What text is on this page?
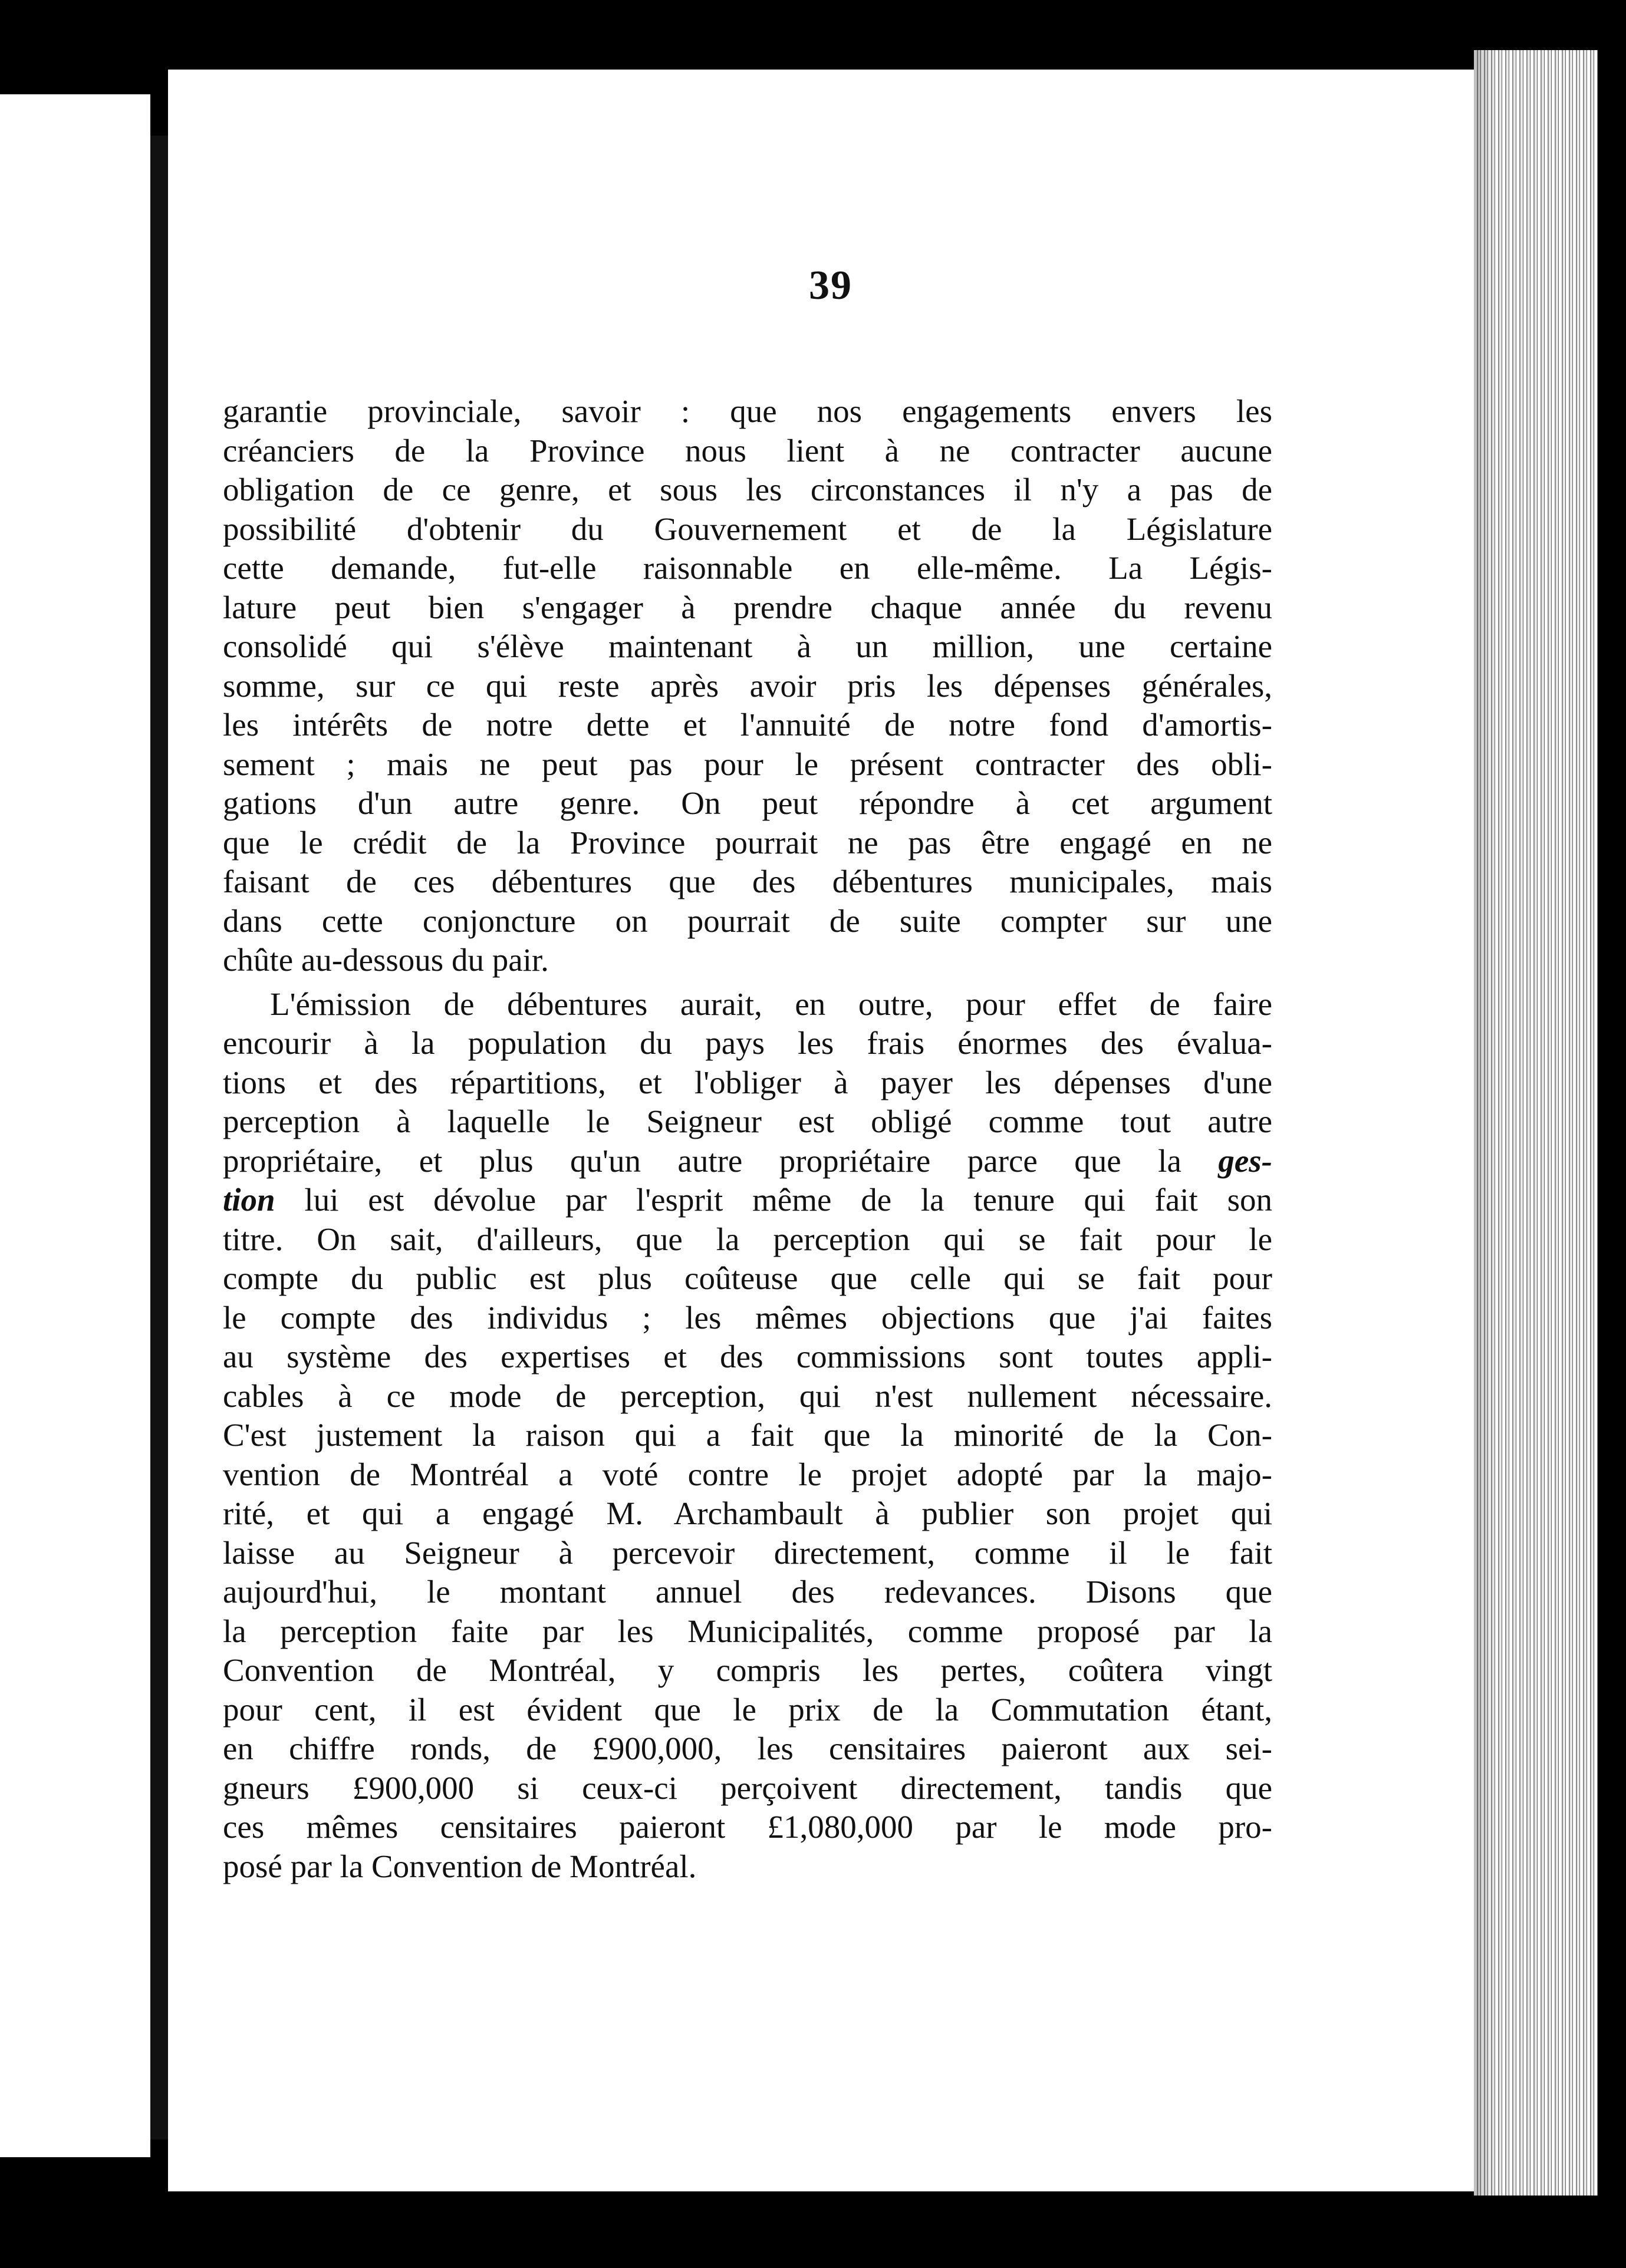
39
garantie provinciale, savoir : que nos engagements envers les
créanciers de la Province nous lient à ne contracter aucune
obligation de ce genre, et sous les circonstances il n'y a pas de
possibilité d'obtenir du Gouvernement et de la Législature
cette demande, fut-elle raisonnable en elle-même. La Légis-
lature peut bien s'engager à prendre chaque année du revenu
consolidé qui s'élève maintenant à un million, une certaine
somme, sur ce qui reste après avoir pris les dépenses générales,
les intérêts de notre dette et l'annuité de notre fond d'amortis-
sement ; mais ne peut pas pour le présent contracter des obli-
gations d'un autre genre. On peut répondre à cet argument
que le crédit de la Province pourrait ne pas être engagé en ne
faisant de ces débentures que des débentures municipales, mais
dans cette conjoncture on pourrait de suite compter sur une
chûte au-dessous du pair.
L'émission de débentures aurait, en outre, pour effet de faire
encourir à la population du pays les frais énormes des évalua-
tions et des répartitions, et l'obliger à payer les dépenses d'une
perception à laquelle le Seigneur est obligé comme tout autre
propriétaire, et plus qu'un autre propriétaire parce que la ges-
tion lui est dévolue par l'esprit même de la tenure qui fait son
titre. On sait, d'ailleurs, que la perception qui se fait pour le
compte du public est plus coûteuse que celle qui se fait pour
le compte des individus ; les mêmes objections que j'ai faites
au système des expertises et des commissions sont toutes appli-
cables à ce mode de perception, qui n'est nullement nécessaire.
C'est justement la raison qui a fait que la minorité de la Con-
vention de Montréal a voté contre le projet adopté par la majo-
rité, et qui a engagé M. Archambault à publier son projet qui
laisse au Seigneur à percevoir directement, comme il le fait
aujourd'hui, le montant annuel des redevances. Disons que
la perception faite par les Municipalités, comme proposé par la
Convention de Montréal, y compris les pertes, coûtera vingt
pour cent, il est évident que le prix de la Commutation étant,
en chiffre ronds, de £900,000, les censitaires paieront aux sei-
gneurs £900,000 si ceux-ci perçoivent directement, tandis que
ces mêmes censitaires paieront £1,080,000 par le mode pro-
posé par la Convention de Montréal.
